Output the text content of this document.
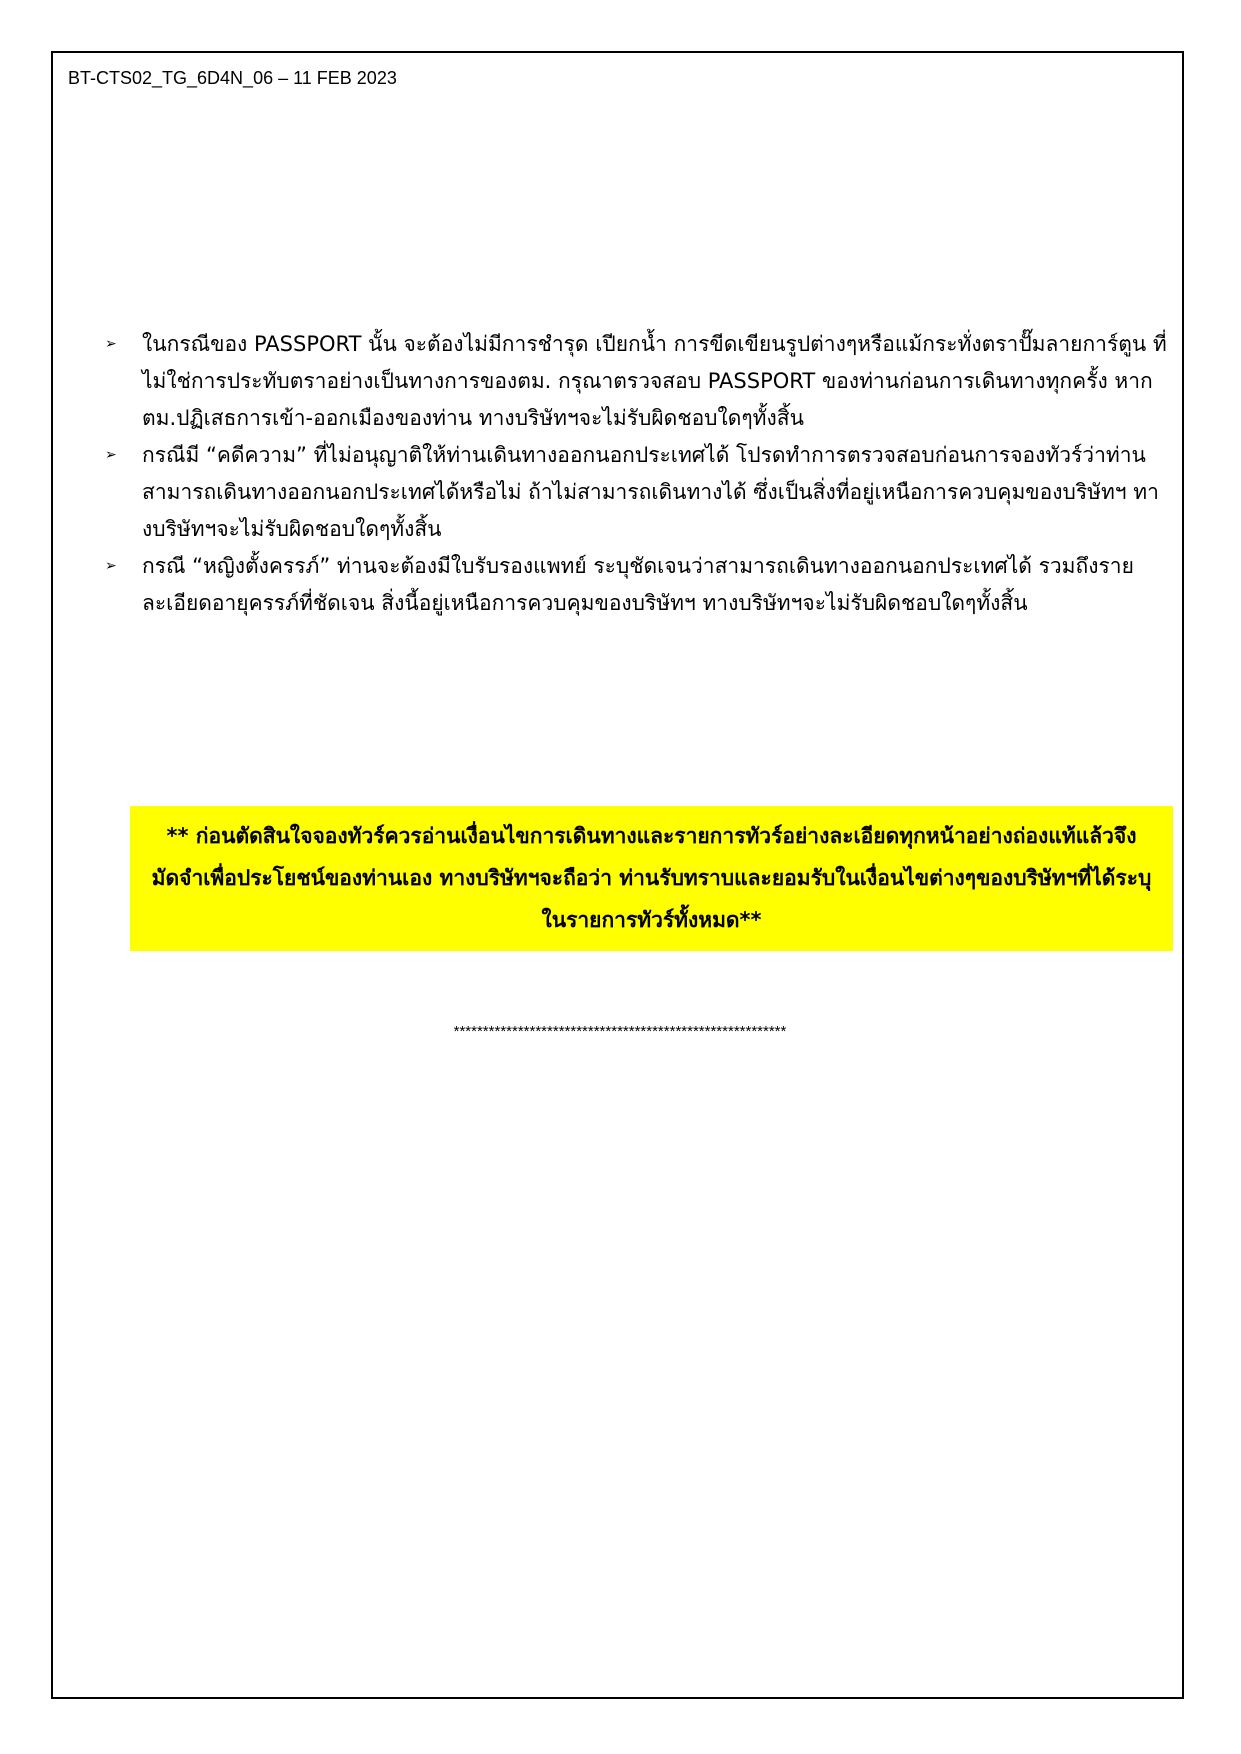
BT-CTS02_TG_6D4N_06 – 11 FEB 2023
➢ ในกรณีของ PASSPORT นั้น จะต้องไม่มีการชำรุด เปียกน้ำ การขีดเขียนรูปต่างๆหรือแม้กระทั่งตราปั๊มลายการ์ตูน ที่ไม่ใช่การประทับตราอย่างเป็นทางการของตม. กรุณาตรวจสอบ PASSPORT ของท่านก่อนการเดินทางทุกครั้ง หาก ตม.ปฏิเสธการเข้า-ออกเมืองของท่าน ทางบริษัทฯจะไม่รับผิดชอบใดๆทั้งสิ้น
➢ กรณีมี “คดีความ” ที่ไม่อนุญาติให้ท่านเดินทางออกนอกประเทศได้ โปรดทำการตรวจสอบก่อนการจองทัวร์ว่าท่านสามารถเดินทางออกนอกประเทศได้หรือไม่ ถ้าไม่สามารถเดินทางได้ ซึ่งเป็นสิ่งที่อยู่เหนือการควบคุมของบริษัทฯ ทางบริษัทฯจะไม่รับผิดชอบใดๆทั้งสิ้น
➢ กรณี “หญิงตั้งครรภ์” ท่านจะต้องมีใบรับรองแพทย์ ระบุชัดเจนว่าสามารถเดินทางออกนอกประเทศได้ รวมถึงรายละเอียดอายุครรภ์ที่ชัดเจน สิ่งนี้อยู่เหนือการควบคุมของบริษัทฯ ทางบริษัทฯจะไม่รับผิดชอบใดๆทั้งสิ้น
** ก่อนตัดสินใจจองทัวร์ควรอ่านเงื่อนไขการเดินทางและรายการทัวร์อย่างละเอียดทุกหน้าอย่างถ่องแท้แล้วจึงมัดจำเพื่อประโยชน์ของท่านเอง ทางบริษัทฯจะถือว่า ท่านรับทราบและยอมรับในเงื่อนไขต่างๆของบริษัทฯที่ได้ระบุในรายการทัวร์ทั้งหมด**
*********************************************************
